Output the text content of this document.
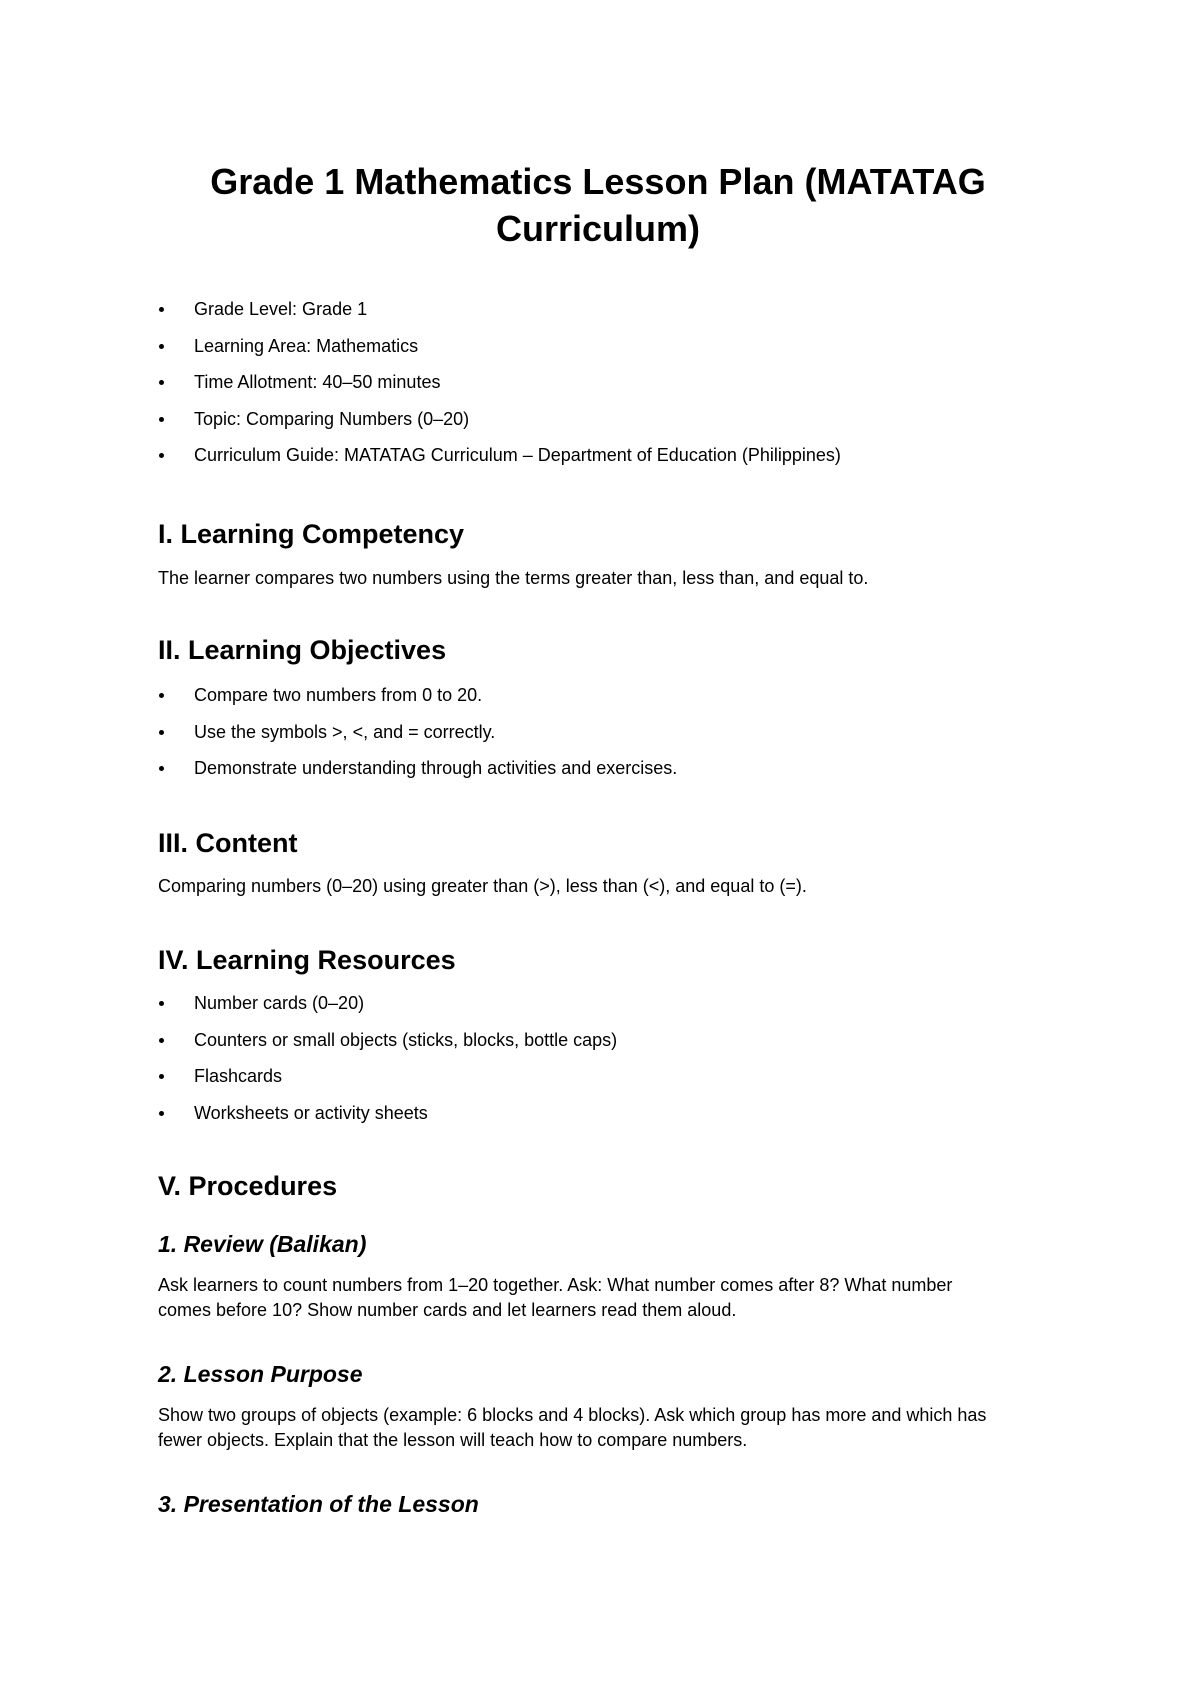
Grade 1 Mathematics Lesson Plan (MATATAG Curriculum)
Grade Level: Grade 1
Learning Area: Mathematics
Time Allotment: 40–50 minutes
Topic: Comparing Numbers (0–20)
Curriculum Guide: MATATAG Curriculum – Department of Education (Philippines)
I. Learning Competency

The learner compares two numbers using the terms greater than, less than, and equal to.

II. Learning Objectives
Compare two numbers from 0 to 20.
Use the symbols >, <, and = correctly.
Demonstrate understanding through activities and exercises.
III. Content

Comparing numbers (0–20) using greater than (>), less than (<), and equal to (=).

IV. Learning Resources
Number cards (0–20)
Counters or small objects (sticks, blocks, bottle caps)
Flashcards
Worksheets or activity sheets
V. Procedures
1. Review (Balikan)

Ask learners to count numbers from 1–20 together. Ask: What number comes after 8? What number comes before 10? Show number cards and let learners read them aloud.

2. Lesson Purpose

Show two groups of objects (example: 6 blocks and 4 blocks). Ask which group has more and which has fewer objects. Explain that the lesson will teach how to compare numbers.

3. Presentation of the Lesson
